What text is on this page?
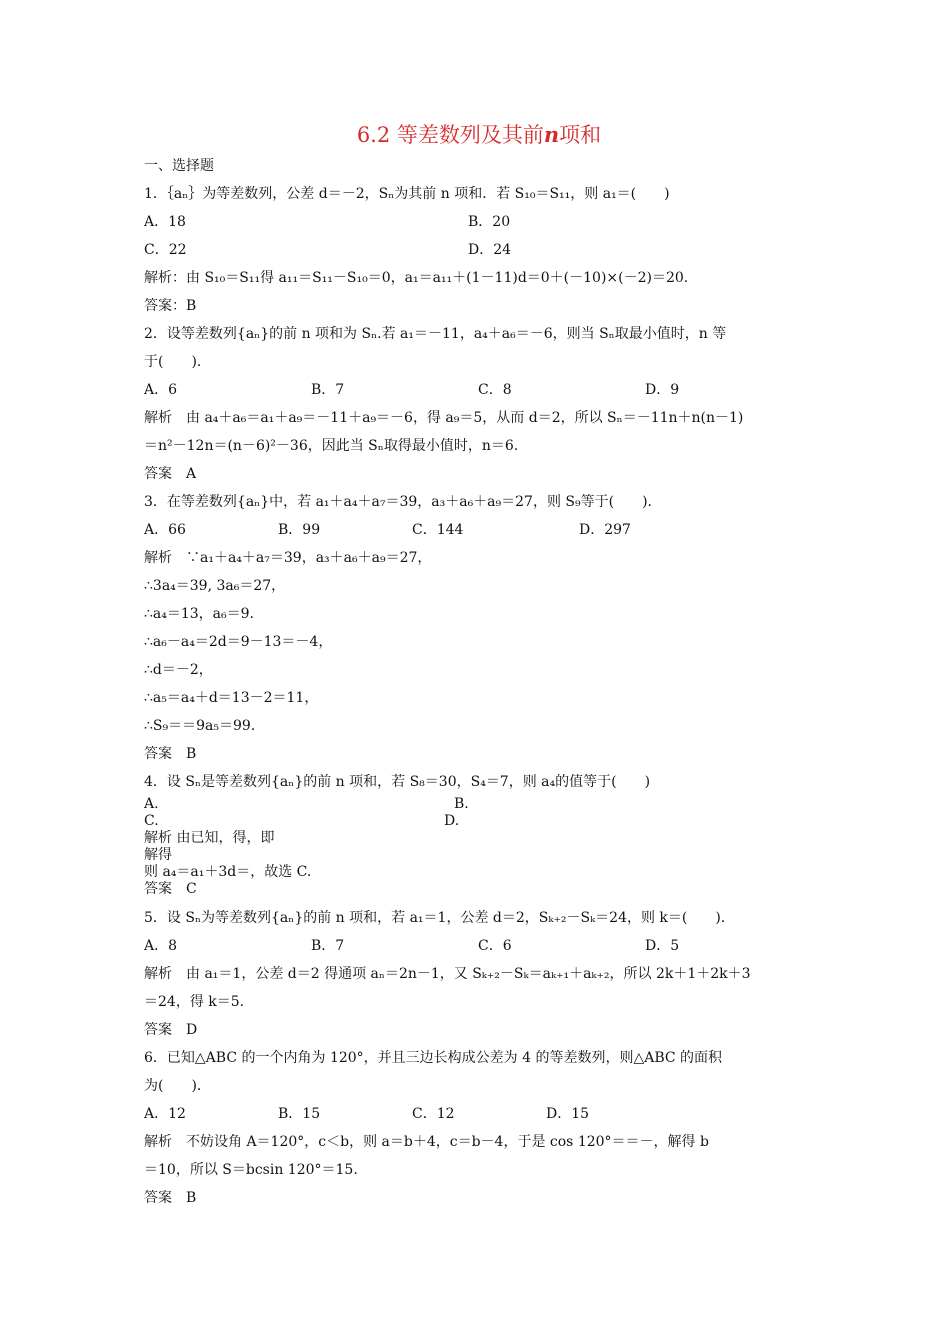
6.2 等差数列及其前n项和
一、选择题
1．｛aₙ｝为等差数列，公差 d＝－2，Sₙ为其前 n 项和．若 S₁₀＝S₁₁，则 a₁＝(　　)
A．18	B．20
C．22	D．24
解析：由 S₁₀＝S₁₁得 a₁₁＝S₁₁－S₁₀＝0，a₁＝a₁₁＋(1－11)d＝0＋(－10)×(－2)＝20.
答案：B
2．设等差数列{aₙ}的前 n 项和为 Sₙ.若 a₁＝－11，a₄＋a₆＝－6，则当 Sₙ取最小值时，n 等
于(　　)．
A．6	B．7	C．8	D．9
解析　由 a₄＋a₆＝a₁＋a₉＝－11＋a₉＝－6，得 a₉＝5，从而 d＝2，所以 Sₙ＝－11n＋n(n－1)
＝n²－12n＝(n－6)²－36，因此当 Sₙ取得最小值时，n＝6.
答案　A
3．在等差数列{aₙ}中，若 a₁＋a₄＋a₇＝39，a₃＋a₆＋a₉＝27，则 S₉等于(　　)．
A．66	B．99	C．144	D．297
解析　∵a₁＋a₄＋a₇＝39，a₃＋a₆＋a₉＝27，
∴3a₄＝39, 3a₆＝27，
∴a₄＝13，a₆＝9.
∴a₆－a₄＝2d＝9－13＝－4，
∴d＝－2，
∴a₅＝a₄＋d＝13－2＝11，
∴S₉＝＝9a₅＝99.
答案　B
4．设 Sₙ是等差数列{aₙ}的前 n 项和，若 S₈＝30，S₄＝7，则 a₄的值等于(　　)
A.	B.
C.	D.
解析 由已知，得，即
解得
则 a₄＝a₁＋3d＝，故选 C.
答案　C
5．设 Sₙ为等差数列{aₙ}的前 n 项和，若 a₁＝1，公差 d＝2，Sₖ₊₂－Sₖ＝24，则 k＝(　　)．
A．8	B．7	C．6	D．5
解析　由 a₁＝1，公差 d＝2 得通项 aₙ＝2n－1，又 Sₖ₊₂－Sₖ＝aₖ₊₁＋aₖ₊₂，所以 2k＋1＋2k＋3
＝24，得 k＝5.
答案　D
6．已知△ABC 的一个内角为 120°，并且三边长构成公差为 4 的等差数列，则△ABC 的面积
为(　　)．
A．12	B．15	C．12	D．15
解析　不妨设角 A＝120°，c＜b，则 a＝b＋4，c＝b－4，于是 cos 120°＝＝－，解得 b
＝10，所以 S＝bcsin 120°＝15.
答案　B
